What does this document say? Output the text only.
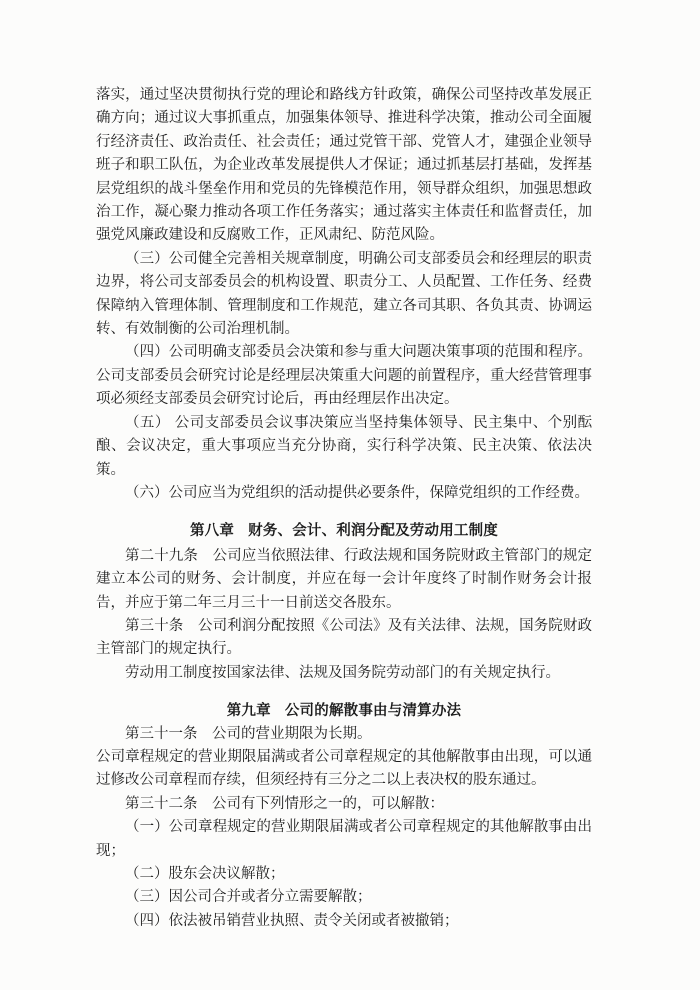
落实，通过坚决贯彻执行党的理论和路线方针政策，确保公司坚持改革发展正确方向；通过议大事抓重点，加强集体领导、推进科学决策，推动公司全面履行经济责任、政治责任、社会责任；通过党管干部、党管人才，建强企业领导班子和职工队伍，为企业改革发展提供人才保证；通过抓基层打基础，发挥基层党组织的战斗堡垒作用和党员的先锋模范作用，领导群众组织，加强思想政治工作，凝心聚力推动各项工作任务落实；通过落实主体责任和监督责任，加强党风廉政建设和反腐败工作，正风肃纪、防范风险。

（三）公司健全完善相关规章制度，明确公司支部委员会和经理层的职责边界，将公司支部委员会的机构设置、职责分工、人员配置、工作任务、经费保障纳入管理体制、管理制度和工作规范，建立各司其职、各负其责、协调运转、有效制衡的公司治理机制。

（四）公司明确支部委员会决策和参与重大问题决策事项的范围和程序。公司支部委员会研究讨论是经理层决策重大问题的前置程序，重大经营管理事项必须经支部委员会研究讨论后，再由经理层作出决定。

（五） 公司支部委员会议事决策应当坚持集体领导、民主集中、个别酝酿、会议决定，重大事项应当充分协商，实行科学决策、民主决策、依法决策。

（六）公司应当为党组织的活动提供必要条件，保障党组织的工作经费。

第八章 财务、会计、利润分配及劳动用工制度

第二十九条　公司应当依照法律、行政法规和国务院财政主管部门的规定建立本公司的财务、会计制度，并应在每一会计年度终了时制作财务会计报告，并应于第二年三月三十一日前送交各股东。

第三十条　公司利润分配按照《公司法》及有关法律、法规，国务院财政主管部门的规定执行。

劳动用工制度按国家法律、法规及国务院劳动部门的有关规定执行。

第九章 公司的解散事由与清算办法

第三十一条　公司的营业期限为长期。

公司章程规定的营业期限届满或者公司章程规定的其他解散事由出现，可以通过修改公司章程而存续，但须经持有三分之二以上表决权的股东通过。

第三十二条　公司有下列情形之一的，可以解散：

（一）公司章程规定的营业期限届满或者公司章程规定的其他解散事由出现；

（二）股东会决议解散；

（三）因公司合并或者分立需要解散；

（四）依法被吊销营业执照、责令关闭或者被撤销；
